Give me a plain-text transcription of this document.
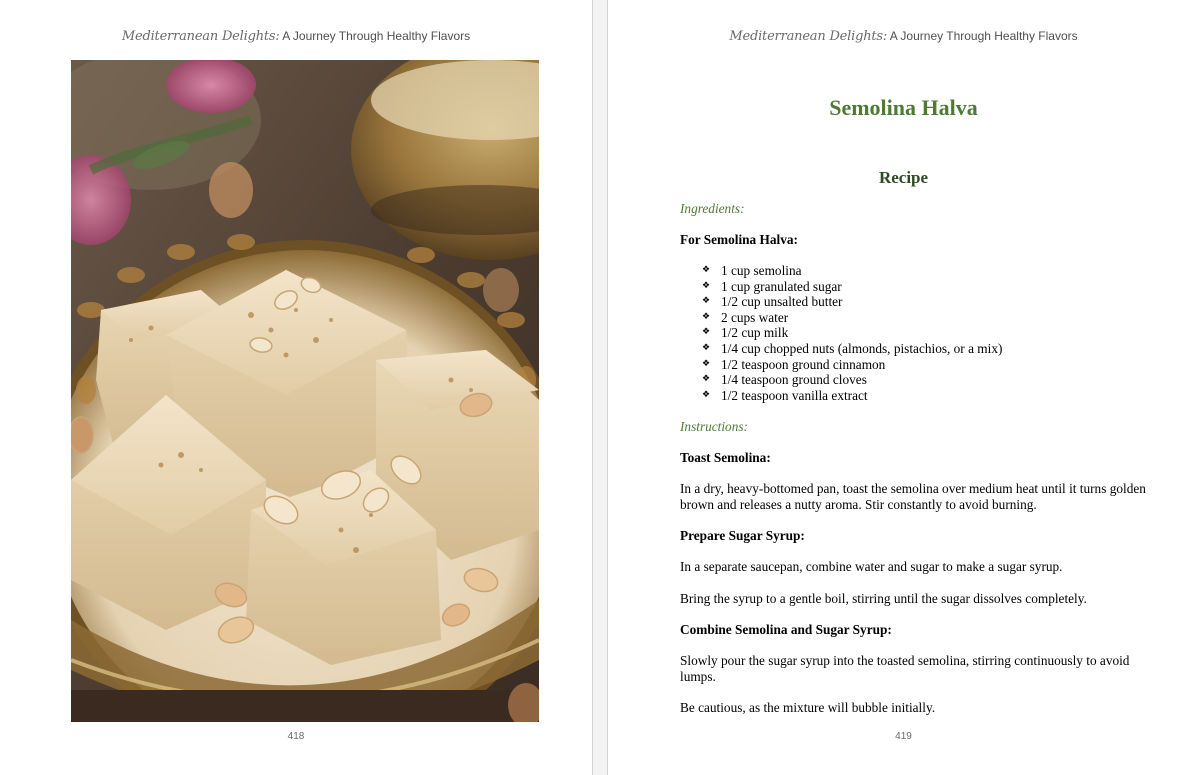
Mediterranean Delights: A Journey Through Healthy Flavors
418
Mediterranean Delights: A Journey Through Healthy Flavors
Semolina Halva
Recipe
Ingredients:
For Semolina Halva:
❖ 1 cup semolina
❖ 1 cup granulated sugar
❖ 1/2 cup unsalted butter
❖ 2 cups water
❖ 1/2 cup milk
❖ 1/4 cup chopped nuts (almonds, pistachios, or a mix)
❖ 1/2 teaspoon ground cinnamon
❖ 1/4 teaspoon ground cloves
❖ 1/2 teaspoon vanilla extract
Instructions:
Toast Semolina:
In a dry, heavy-bottomed pan, toast the semolina over medium heat until it turns golden brown and releases a nutty aroma. Stir constantly to avoid burning.
Prepare Sugar Syrup:
In a separate saucepan, combine water and sugar to make a sugar syrup.
Bring the syrup to a gentle boil, stirring until the sugar dissolves completely.
Combine Semolina and Sugar Syrup:
Slowly pour the sugar syrup into the toasted semolina, stirring continuously to avoid lumps.
Be cautious, as the mixture will bubble initially.
419
